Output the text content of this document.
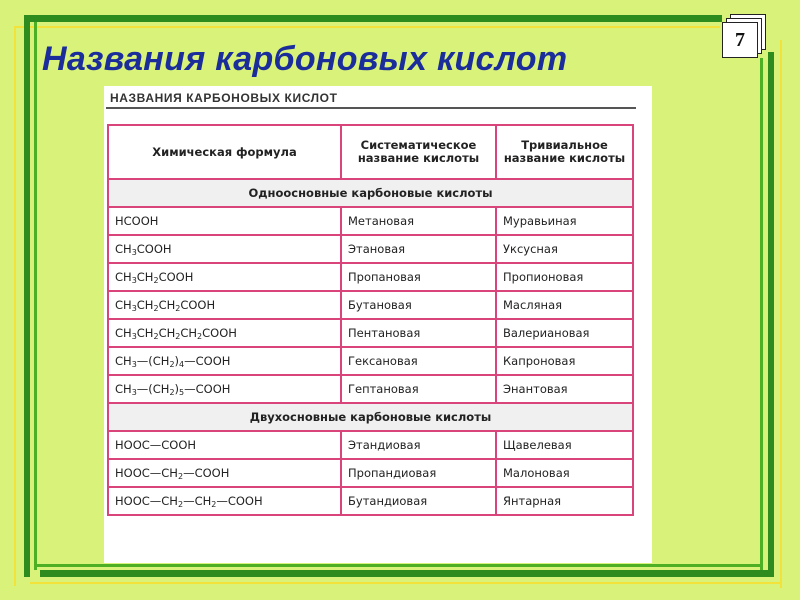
Названия карбоновых кислот
7
НАЗВАНИЯ КАРБОНОВЫХ КИСЛОТ
Химическая формула	Систематическое название кислоты	Тривиальное название кислоты
Одноосновные карбоновые кислоты		
HCOOH	Метановая	Муравьиная
$CH_3COOH$	Этановая	Уксусная
$CH_3CH_2COOH$	Пропановая	Пропионовая
$CH_3CH_2CH_2COOH$	Бутановая	Масляная
$CH_3CH_2CH_2CH_2COOH$	Пентановая	Валериановая
$CH_3—(CH_2)_4—COOH$	Гексановая	Капроновая
$CH_3—(CH_2)_5—COOH$	Гептановая	Энантовая
Двухосновные карбоновые кислоты		
HOOC—COOH	Этандиовая	Щавелевая
$HOOC—CH_2—COOH$	Пропандиовая	Малоновая
$HOOC—CH_2—CH_2—COOH$	Бутандиовая	Янтарная
